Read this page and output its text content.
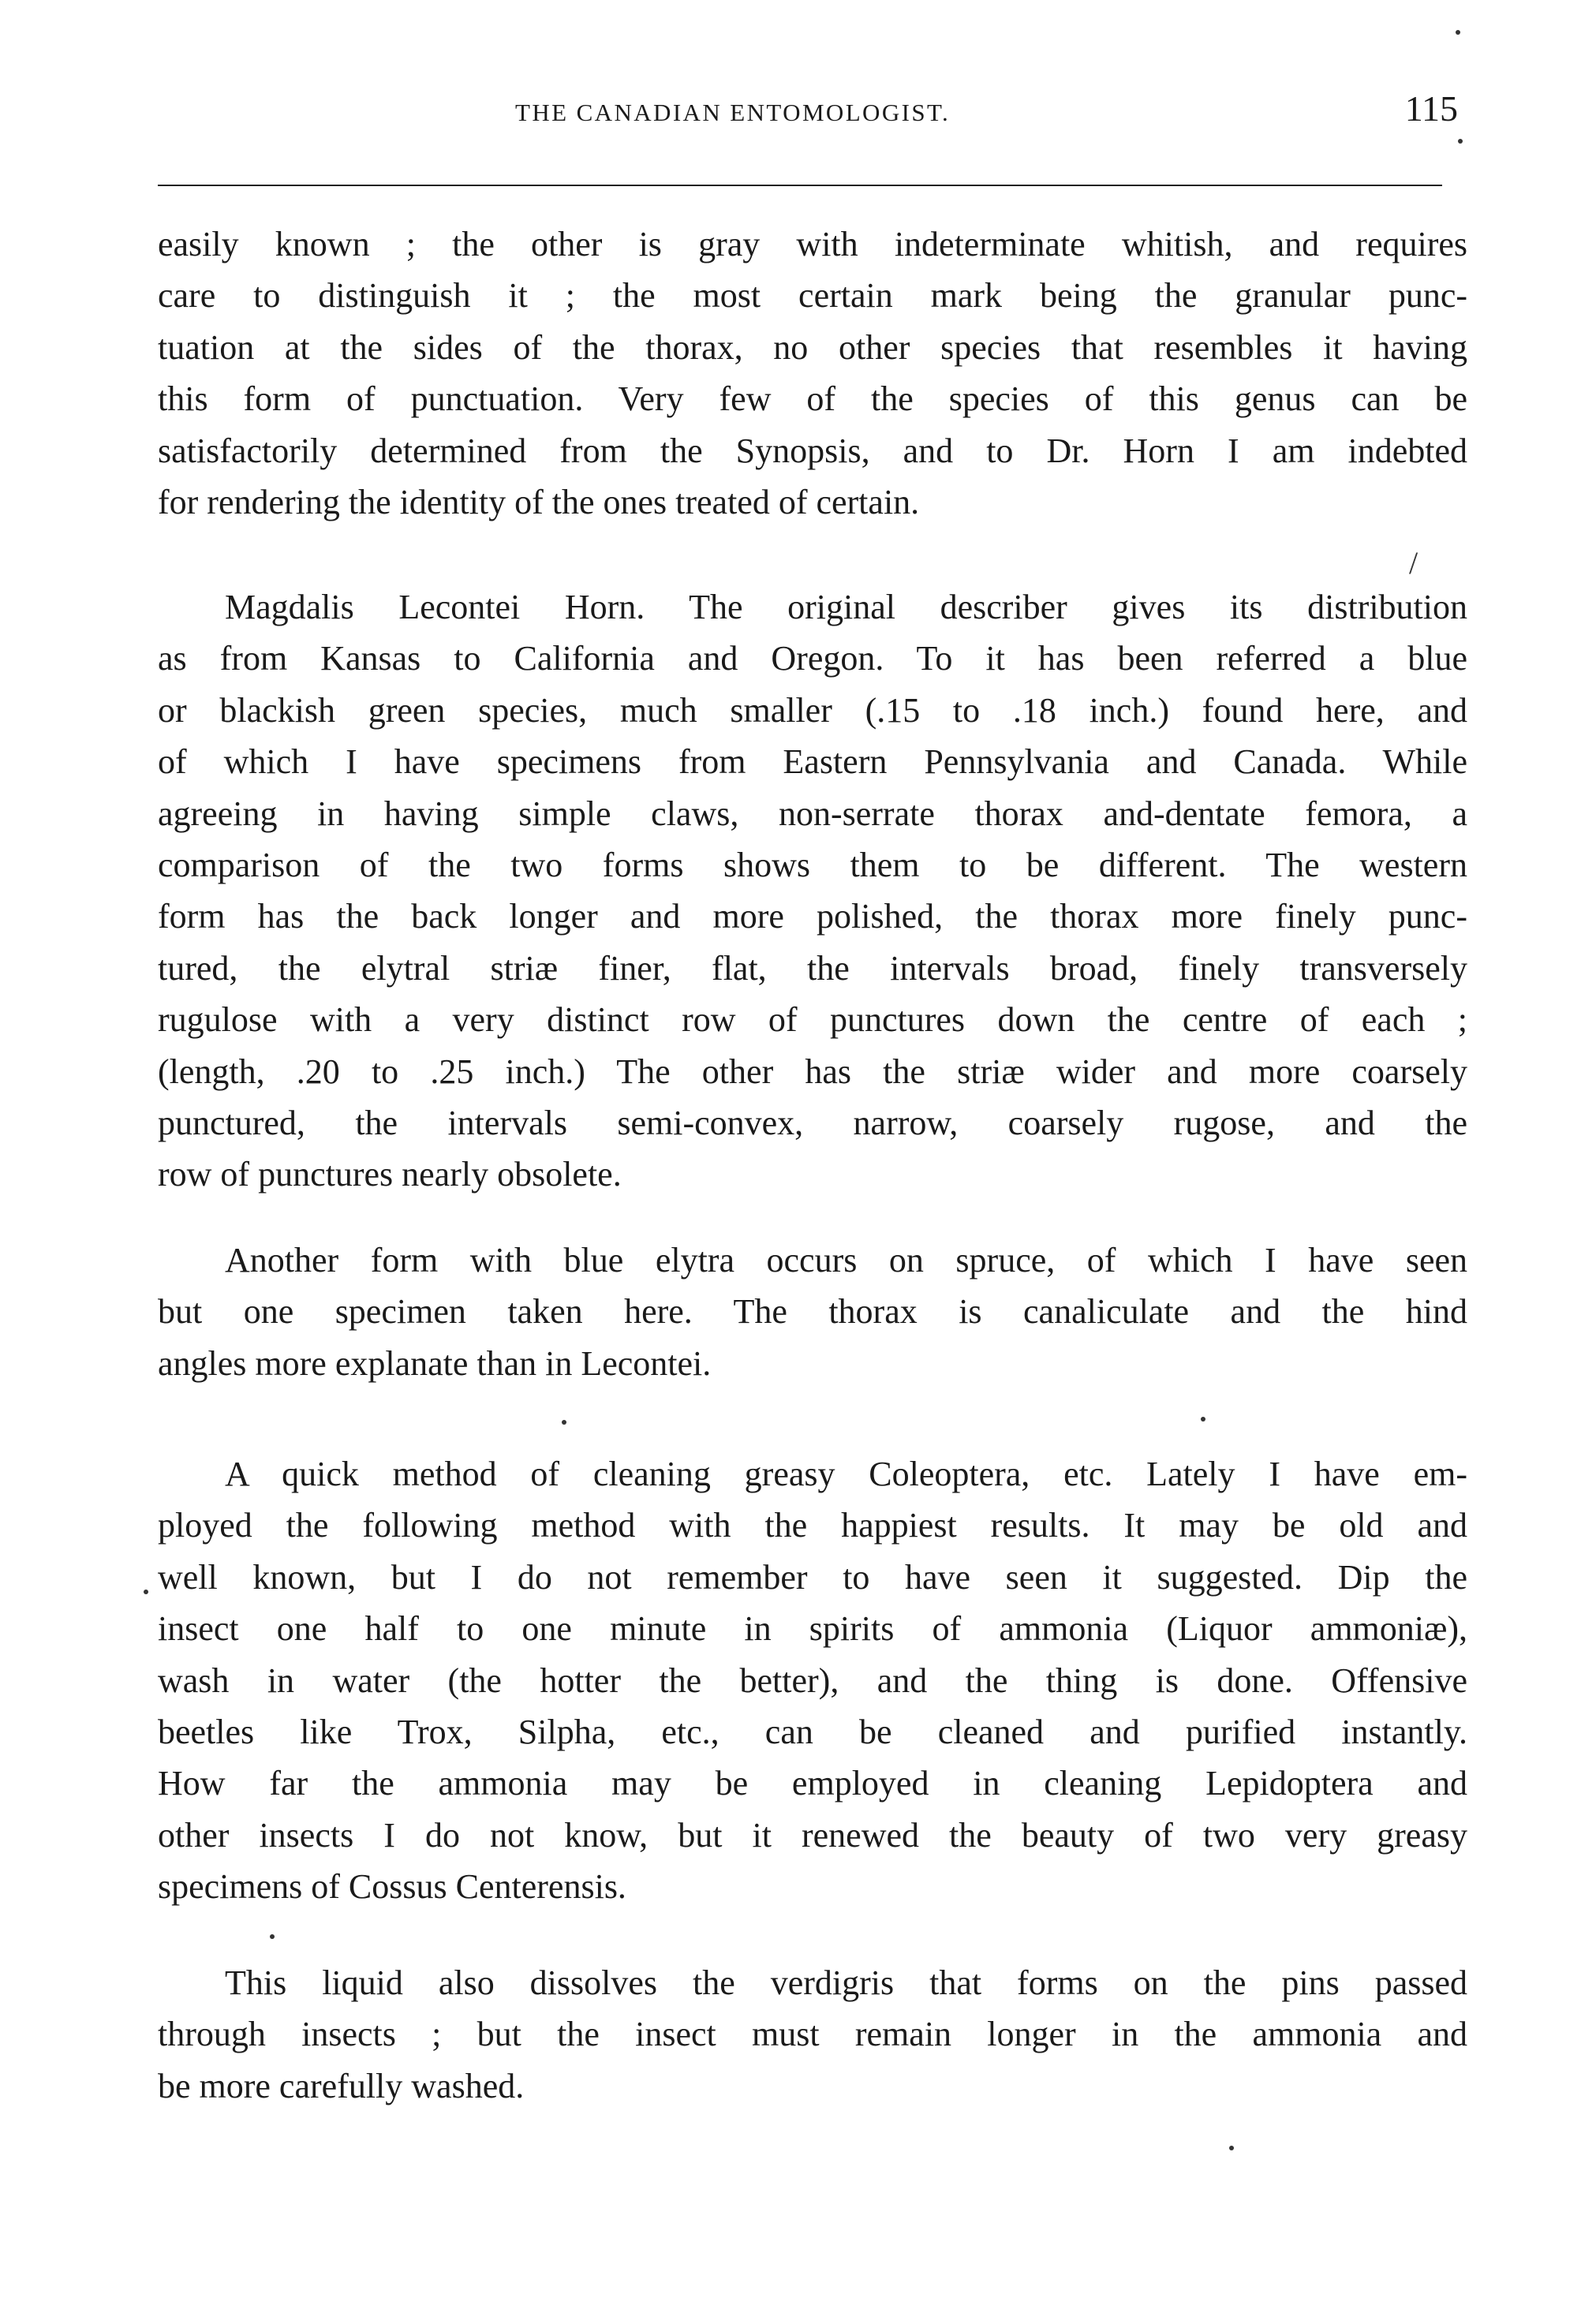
THE CANADIAN ENTOMOLOGIST.	115
/
easily known ; the other is gray with indeterminate whitish, and requires
care to distinguish it ; the most certain mark being the granular punc-
tuation at the sides of the thorax, no other species that resembles it having
this form of punctuation. Very few of the species of this genus can be
satisfactorily determined from the Synopsis, and to Dr. Horn I am indebted
for rendering the identity of the ones treated of certain.
Magdalis Lecontei Horn. The original describer gives its distribution
as from Kansas to California and Oregon. To it has been referred a blue
or blackish green species, much smaller (.15 to .18 inch.) found here, and
of which I have specimens from Eastern Pennsylvania and Canada. While
agreeing in having simple claws, non-serrate thorax and-dentate femora, a
comparison of the two forms shows them to be different. The western
form has the back longer and more polished, the thorax more finely punc-
tured, the elytral striæ finer, flat, the intervals broad, finely transversely
rugulose with a very distinct row of punctures down the centre of each ;
(length, .20 to .25 inch.) The other has the striæ wider and more coarsely
punctured, the intervals semi-convex, narrow, coarsely rugose, and the
row of punctures nearly obsolete.
Another form with blue elytra occurs on spruce, of which I have seen
but one specimen taken here. The thorax is canaliculate and the hind
angles more explanate than in Lecontei.
A quick method of cleaning greasy Coleoptera, etc. Lately I have em-
ployed the following method with the happiest results. It may be old and
well known, but I do not remember to have seen it suggested. Dip the
insect one half to one minute in spirits of ammonia (Liquor ammoniæ),
wash in water (the hotter the better), and the thing is done. Offensive
beetles like Trox, Silpha, etc., can be cleaned and purified instantly.
How far the ammonia may be employed in cleaning Lepidoptera and
other insects I do not know, but it renewed the beauty of two very greasy
specimens of Cossus Centerensis.
This liquid also dissolves the verdigris that forms on the pins passed
through insects ; but the insect must remain longer in the ammonia and
be more carefully washed.
